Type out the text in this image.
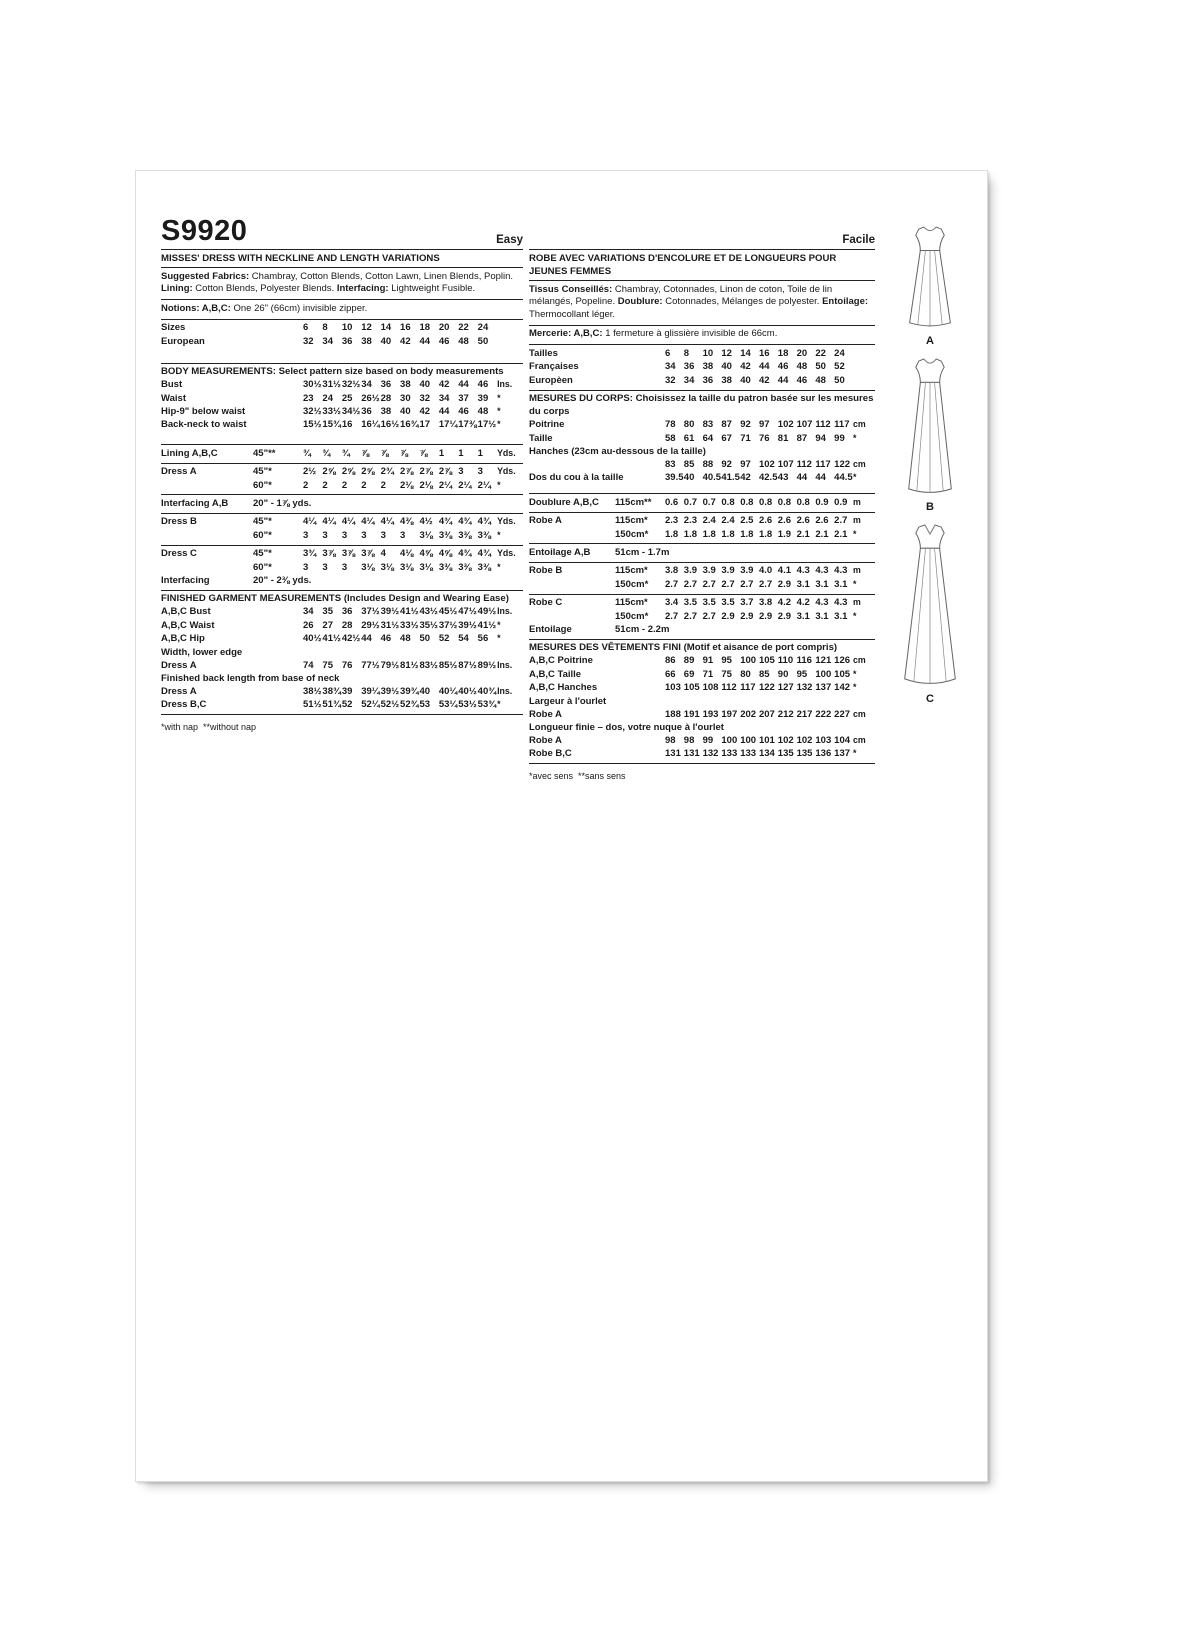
S9920	Easy
MISSES' DRESS WITH NECKLINE AND LENGTH VARIATIONS
Suggested Fabrics: Chambray, Cotton Blends, Cotton Lawn, Linen Blends, Poplin. Lining: Cotton Blends, Polyester Blends. Interfacing: Lightweight Fusible.
Notions: A,B,C: One 26" (66cm) invisible zipper.
Sizes	6	8	10 12 14 16 18 20 22 24
European	32 34 36 38 40 42 44 46 48 50
BODY MEASUREMENTS: Select pattern size based on body measurements
Bust	30½ 31½ 32½ 34 36 38 40 42 44 46	Ins.
Waist	23 24 25 26½ 28 30 32 34 37 39	*
Hip-9" below waist	32½ 33½ 34½ 36 38 40 42 44 46 48	*
Back-neck to waist	15½ 15¾ 16 16¼ 16½ 16¾ 17 17¼ 17⅜ 17½ *
Lining A,B,C	45"**	¾	¾	¾	⅞	⅞	⅞	⅞	1	1	1	Yds.
Dress A	45"*	2½ 2⅝ 2⅝ 2⅝ 2¾ 2⅞ 2⅞ 2⅞ 3	3	Yds.
60"*	2	2	2	2	2	2⅛ 2⅛ 2¼ 2¼ 2¼ *
Interfacing A,B	20" - 1⅞ yds.
Dress B	45"*	4¼ 4¼ 4¼ 4¼ 4¼ 4⅜ 4½ 4¾ 4¾ 4¾ Yds.
60"*	3	3	3	3	3	3	3⅛ 3⅜ 3⅜ 3⅜ *
Dress C	45"*	3¾ 3⅞ 3⅞ 3⅞ 4	4⅛ 4⅝ 4⅝ 4¾ 4¾ Yds.
60"*	3	3	3	3⅛ 3⅛ 3⅛ 3⅛ 3⅜ 3⅜ 3⅜ *
Interfacing	20" - 2⅜ yds.
FINISHED GARMENT MEASUREMENTS (Includes Design and Wearing Ease)
A,B,C Bust	34 35 36 37½ 39½ 41½ 43½ 45½ 47½ 49½ Ins.
A,B,C Waist	26 27 28 29½ 31½ 33½ 35½ 37½ 39½ 41½ *
A,B,C Hip	40½ 41½ 42½ 44 46 48 50 52 54 56	*
Width, lower edge
Dress A	74 75 76 77½ 79½ 81½ 83½ 85½ 87½ 89½ Ins.
Finished back length from base of neck
Dress A	38½ 38¾ 39 39¼ 39½ 39¾ 40 40¼ 40½ 40¾ Ins.
Dress B,C	51½ 51¾ 52 52¼ 52½ 52¾ 53 53¼ 53½ 53¾ *
*with nap  **without nap
Facile
ROBE AVEC VARIATIONS D'ENCOLURE ET DE LONGUEURS POUR JEUNES FEMMES
Tissus Conseillés: Chambray, Cotonnades, Linon de coton, Toile de lin mélangés, Popeline. Doublure: Cotonnades, Mélanges de polyester. Entoilage: Thermocollant léger.
Mercerie: A,B,C: 1 fermeture à glissière invisible de 66cm.
Tailles	6	8	10 12 14 16 18 20 22 24
Françaises	34 36 38 40 42 44 46 48 50 52
Europèen	32 34 36 38 40 42 44 46 48 50
MESURES DU CORPS: Choisissez la taille du patron basée sur les mesures du corps
Poitrine	78 80 83 87 92 97 102 107 112 117 cm
Taille	58 61 64 67 71 76 81 87 94 99 *
Hanches (23cm au-dessous de la taille)
83 85 88 92 97 102 107 112 117 122 cm
Dos du cou à la taille	39.5 40 40.5 41.5 42 42.5 43 44 44 44.5 *
Doublure A,B,C	115cm**	0.6 0.7 0.7 0.8 0.8 0.8 0.8 0.8 0.9 0.9 m
Robe A	115cm*	2.3 2.3 2.4 2.4 2.5 2.6 2.6 2.6 2.6 2.7 m
150cm*	1.8 1.8 1.8 1.8 1.8 1.8 1.9 2.1 2.1 2.1 *
Entoilage A,B	51cm - 1.7m
Robe B	115cm*	3.8 3.9 3.9 3.9 3.9 4.0 4.1 4.3 4.3 4.3 m
150cm*	2.7 2.7 2.7 2.7 2.7 2.7 2.9 3.1 3.1 3.1 *
Robe C	115cm*	3.4 3.5 3.5 3.5 3.7 3.8 4.2 4.2 4.3 4.3 m
150cm*	2.7 2.7 2.7 2.9 2.9 2.9 2.9 3.1 3.1 3.1 *
Entoilage	51cm - 2.2m
MESURES DES VÊTEMENTS FINI (Motif et aisance de port compris)
A,B,C Poitrine	86 89 91 95 100 105 110 116 121 126 cm
A,B,C Taille	66 69 71 75 80 85 90 95 100 105 *
A,B,C Hanches	103 105 108 112 117 122 127 132 137 142 *
Largeur à l'ourlet
Robe A	188 191 193 197 202 207 212 217 222 227 cm
Longueur finie – dos, votre nuque à l'ourlet
Robe A	98 98 99 100 100 101 102 102 103 104 cm
Robe B,C	131 131 132 133 133 134 135 135 136 137 *
*avec sens  **sans sens
A
B
C
